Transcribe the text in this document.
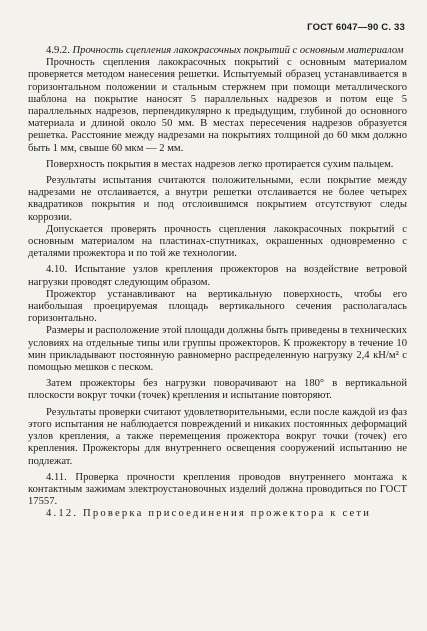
ГОСТ 6047—90 С. 33

4.9.2. Прочность сцепления лакокрасочных покрытий с основным материалом

Прочность сцепления лакокрасочных покрытий с основным материалом проверяется методом нанесения решетки. Испытуемый образец устанавливается в горизонтальном положении и стальным стержнем при помощи металлического шаблона на покрытие наносят 5 параллельных надрезов и потом еще 5 параллельных надрезов, перпендикулярно к предыдущим, глубиной до основного материала и длиной около 50 мм. В местах пересечения надрезов образуется решетка. Расстояние между надрезами на покрытиях толщиной до 60 мкм должно быть 1 мм, свыше 60 мкм — 2 мм.

Поверхность покрытия в местах надрезов легко протирается сухим пальцем.

Результаты испытания считаются положительными, если покрытие между надрезами не отслаивается, а внутри решетки отслаивается не более четырех квадратиков покрытия и под отслоившимся покрытием отсутствуют следы коррозии.

Допускается проверять прочность сцепления лакокрасочных покрытий с основным материалом на пластинах-спутниках, окрашенных одновременно с деталями прожектора и по той же технологии.

4.10. Испытание узлов крепления прожекторов на воздействие ветровой нагрузки проводят следующим образом.

Прожектор устанавливают на вертикальную поверхность, чтобы его наибольшая проецируемая площадь вертикального сечения располагалась горизонтально.

Размеры и расположение этой площади должны быть приведены в технических условиях на отдельные типы или группы прожекторов. К прожектору в течение 10 мин прикладывают постоянную равномерно распределенную нагрузку 2,4 кН/м² с помощью мешков с песком.

Затем прожекторы без нагрузки поворачивают на 180° в вертикальной плоскости вокруг точки (точек) крепления и испытание повторяют.

Результаты проверки считают удовлетворительными, если после каждой из фаз этого испытания не наблюдается повреждений и никаких постоянных деформаций узлов крепления, а также перемещения прожектора вокруг точки (точек) его крепления. Прожекторы для внутреннего освещения сооружений испытанию не подлежат.

4.11. Проверка прочности крепления проводов внутреннего монтажа к контактным зажимам электроустановочных изделий должна проводиться по ГОСТ 17557.

4.12. Проверка присоединения прожектора к сети
